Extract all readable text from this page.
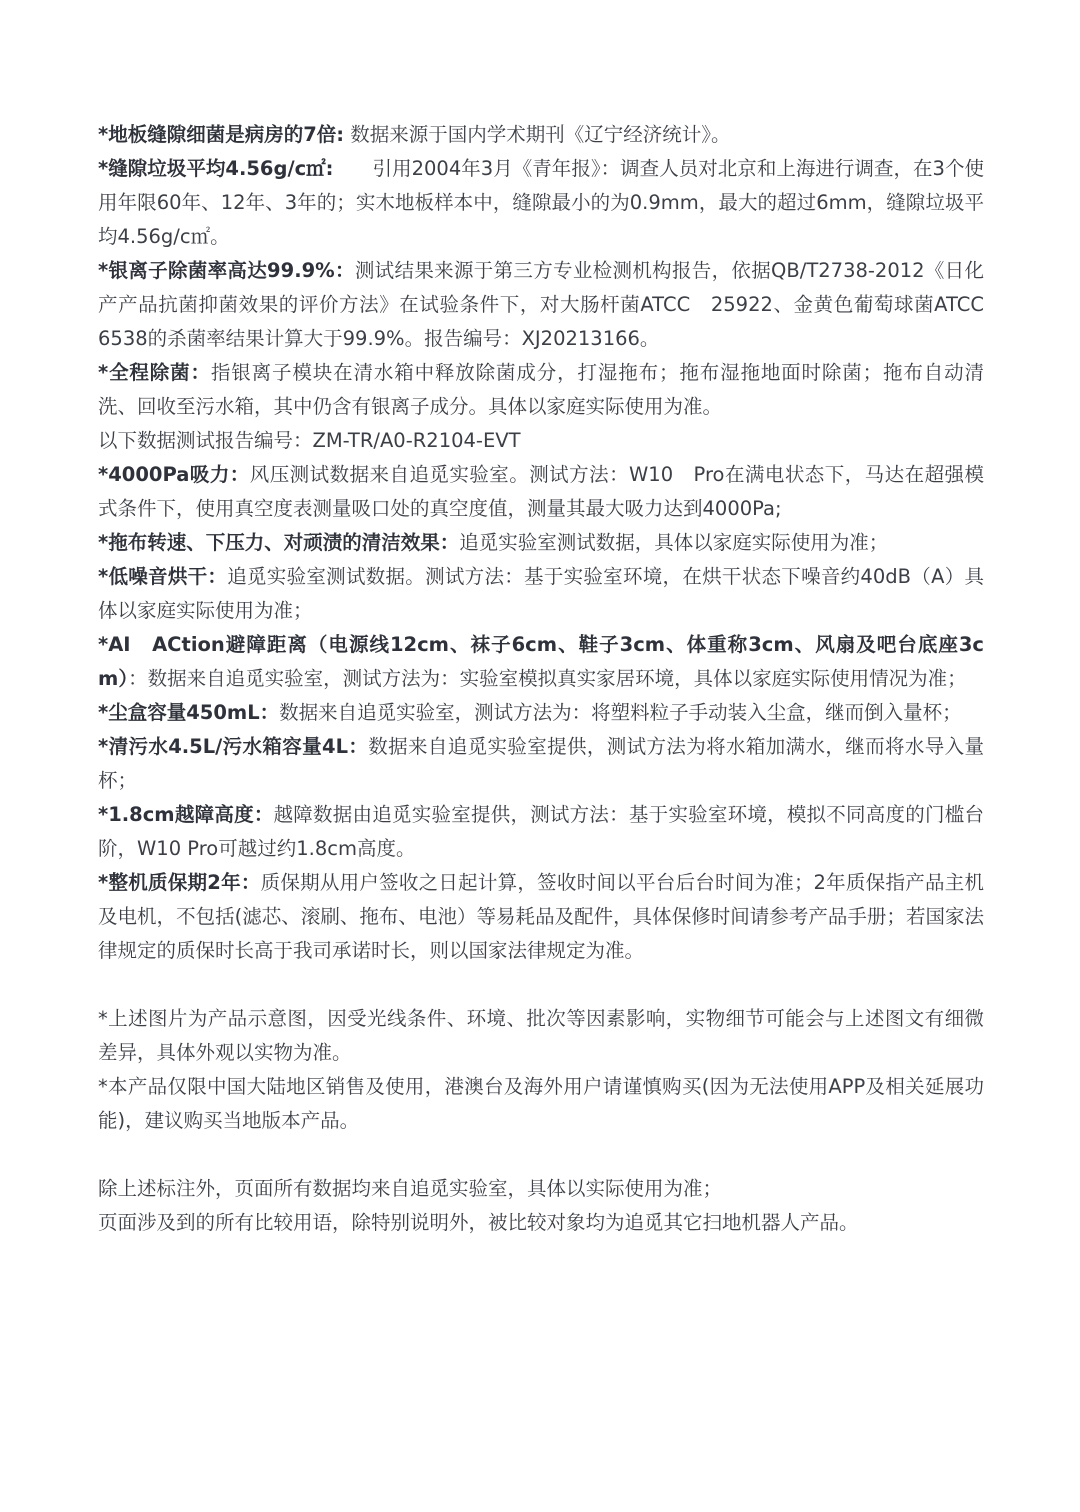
*地板缝隙细菌是病房的7倍: 数据来源于国内学术期刊《辽宁经济统计》。

*缝隙垃圾平均4.56g/c㎡:　　引用2004年3月《青年报》：调查人员对北京和上海进行调查，在3个使用年限60年、12年、3年的；实木地板样本中，缝隙最小的为0.9mm，最大的超过6mm，缝隙垃圾平均4.56g/c㎡。

*银离子除菌率高达99.9%：测试结果来源于第三方专业检测机构报告，依据QB/T2738-2012《日化产产品抗菌抑菌效果的评价方法》在试验条件下，对大肠杆菌ATCC　25922、金黄色葡萄球菌ATCC　6538的杀菌率结果计算大于99.9%。报告编号：XJ20213166。

*全程除菌：指银离子模块在清水箱中释放除菌成分，打湿拖布；拖布湿拖地面时除菌；拖布自动清洗、回收至污水箱，其中仍含有银离子成分。具体以家庭实际使用为准。

以下数据测试报告编号：ZM-TR/A0-R2104-EVT

*4000Pa吸力：风压测试数据来自追觅实验室。测试方法：W10　Pro在满电状态下，马达在超强模式条件下，使用真空度表测量吸口处的真空度值，测量其最大吸力达到4000Pa;

*拖布转速、下压力、对顽渍的清洁效果：追觅实验室测试数据，具体以家庭实际使用为准；

*低噪音烘干：追觅实验室测试数据。测试方法：基于实验室环境，在烘干状态下噪音约40dB（A）具体以家庭实际使用为准；

*AI　ACtion避障距离（电源线12cm、袜子6cm、鞋子3cm、体重称3cm、风扇及吧台底座3cm）：数据来自追觅实验室，测试方法为：实验室模拟真实家居环境，具体以家庭实际使用情况为准；

*尘盒容量450mL：数据来自追觅实验室，测试方法为：将塑料粒子手动装入尘盒，继而倒入量杯；

*清污水4.5L/污水箱容量4L：数据来自追觅实验室提供，测试方法为将水箱加满水，继而将水导入量杯；

*1.8cm越障高度：越障数据由追觅实验室提供，测试方法：基于实验室环境，模拟不同高度的门槛台阶，W10 Pro可越过约1.8cm高度。

*整机质保期2年：质保期从用户签收之日起计算，签收时间以平台后台时间为准；2年质保指产品主机及电机，不包括(滤芯、滚刷、拖布、电池）等易耗品及配件，具体保修时间请参考产品手册；若国家法律规定的质保时长高于我司承诺时长，则以国家法律规定为准。

*上述图片为产品示意图，因受光线条件、环境、批次等因素影响，实物细节可能会与上述图文有细微差异，具体外观以实物为准。

*本产品仅限中国大陆地区销售及使用，港澳台及海外用户请谨慎购买(因为无法使用APP及相关延展功能)，建议购买当地版本产品。

除上述标注外，页面所有数据均来自追觅实验室，具体以实际使用为准；

页面涉及到的所有比较用语，除特别说明外，被比较对象均为追觅其它扫地机器人产品。
